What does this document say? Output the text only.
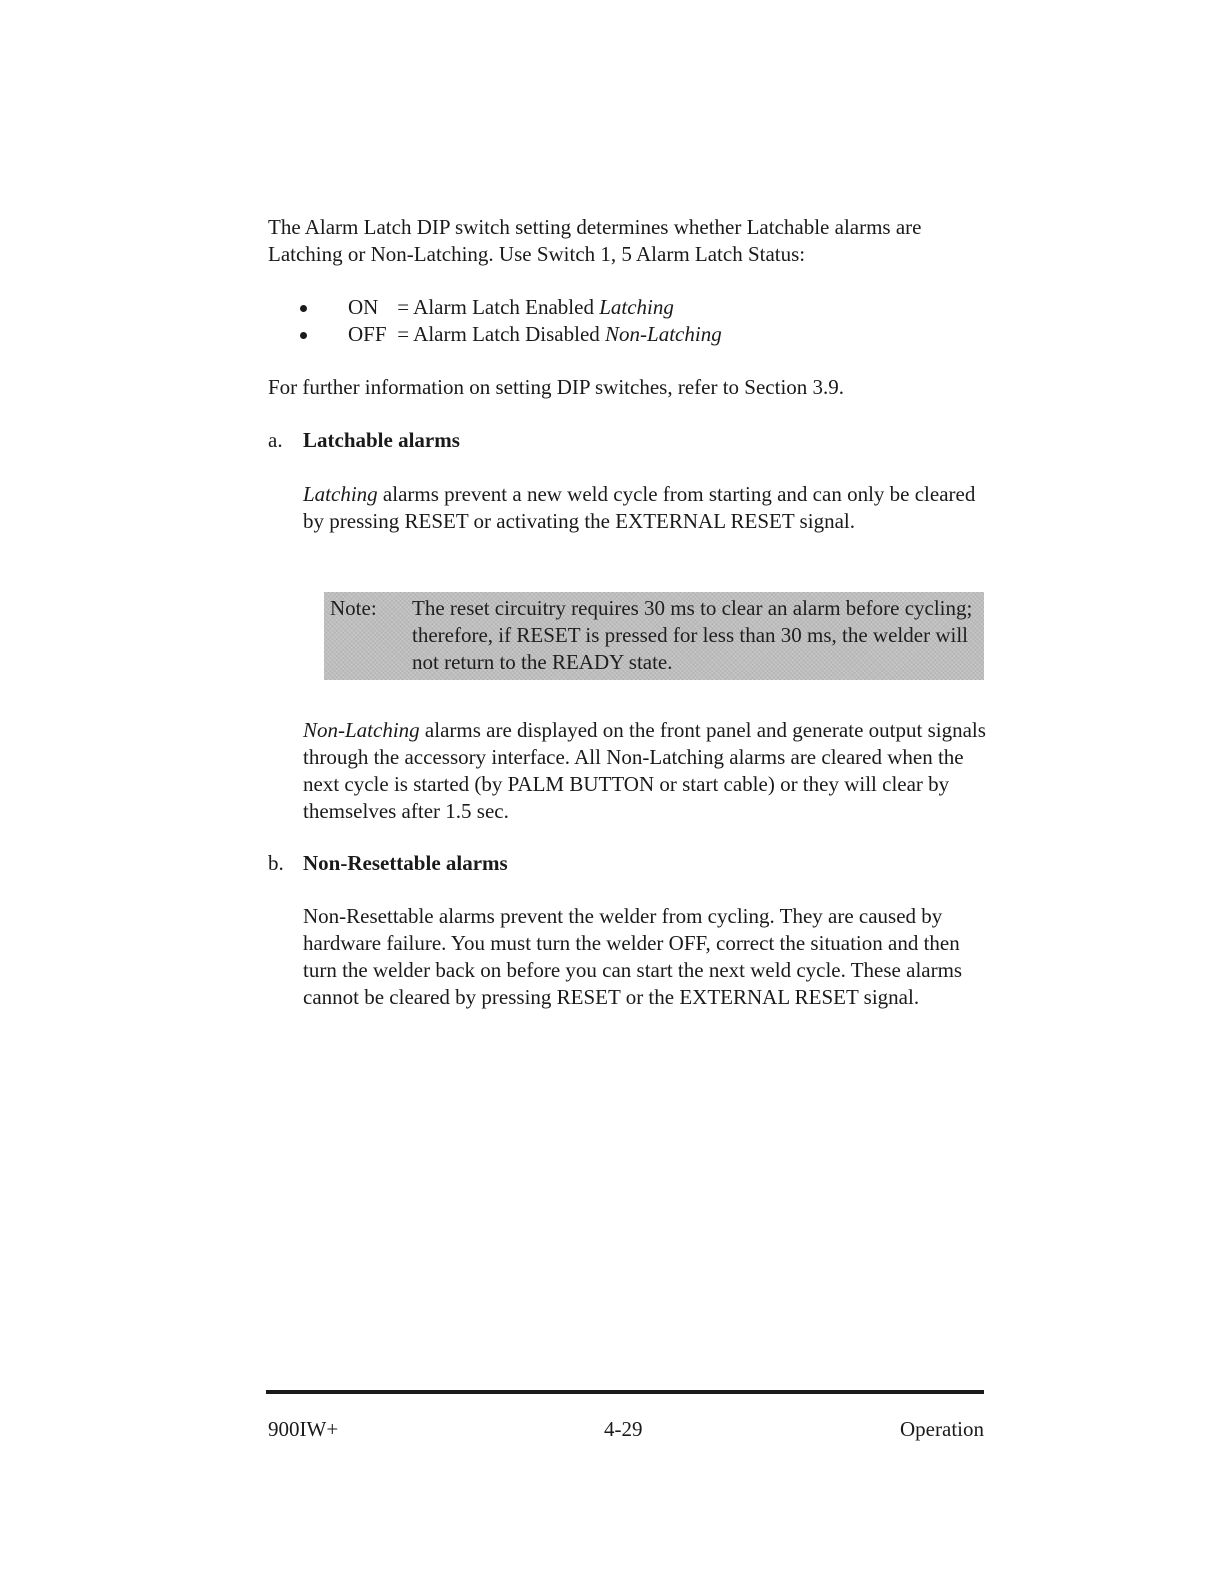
The Alarm Latch DIP switch setting determines whether Latchable alarms are Latching or Non-Latching. Use Switch 1, 5 Alarm Latch Status:

ON = Alarm Latch Enabled Latching
OFF = Alarm Latch Disabled Non-Latching

For further information on setting DIP switches, refer to Section 3.9.

a. Latchable alarms

Latching alarms prevent a new weld cycle from starting and can only be cleared by pressing RESET or activating the EXTERNAL RESET signal.

Note: The reset circuitry requires 30 ms to clear an alarm before cycling; therefore, if RESET is pressed for less than 30 ms, the welder will not return to the READY state.

Non-Latching alarms are displayed on the front panel and generate output signals through the accessory interface. All Non-Latching alarms are cleared when the next cycle is started (by PALM BUTTON or start cable) or they will clear by themselves after 1.5 sec.

b. Non-Resettable alarms

Non-Resettable alarms prevent the welder from cycling. They are caused by hardware failure. You must turn the welder OFF, correct the situation and then turn the welder back on before you can start the next weld cycle. These alarms cannot be cleared by pressing RESET or the EXTERNAL RESET signal.

900IW+	4-29	Operation
